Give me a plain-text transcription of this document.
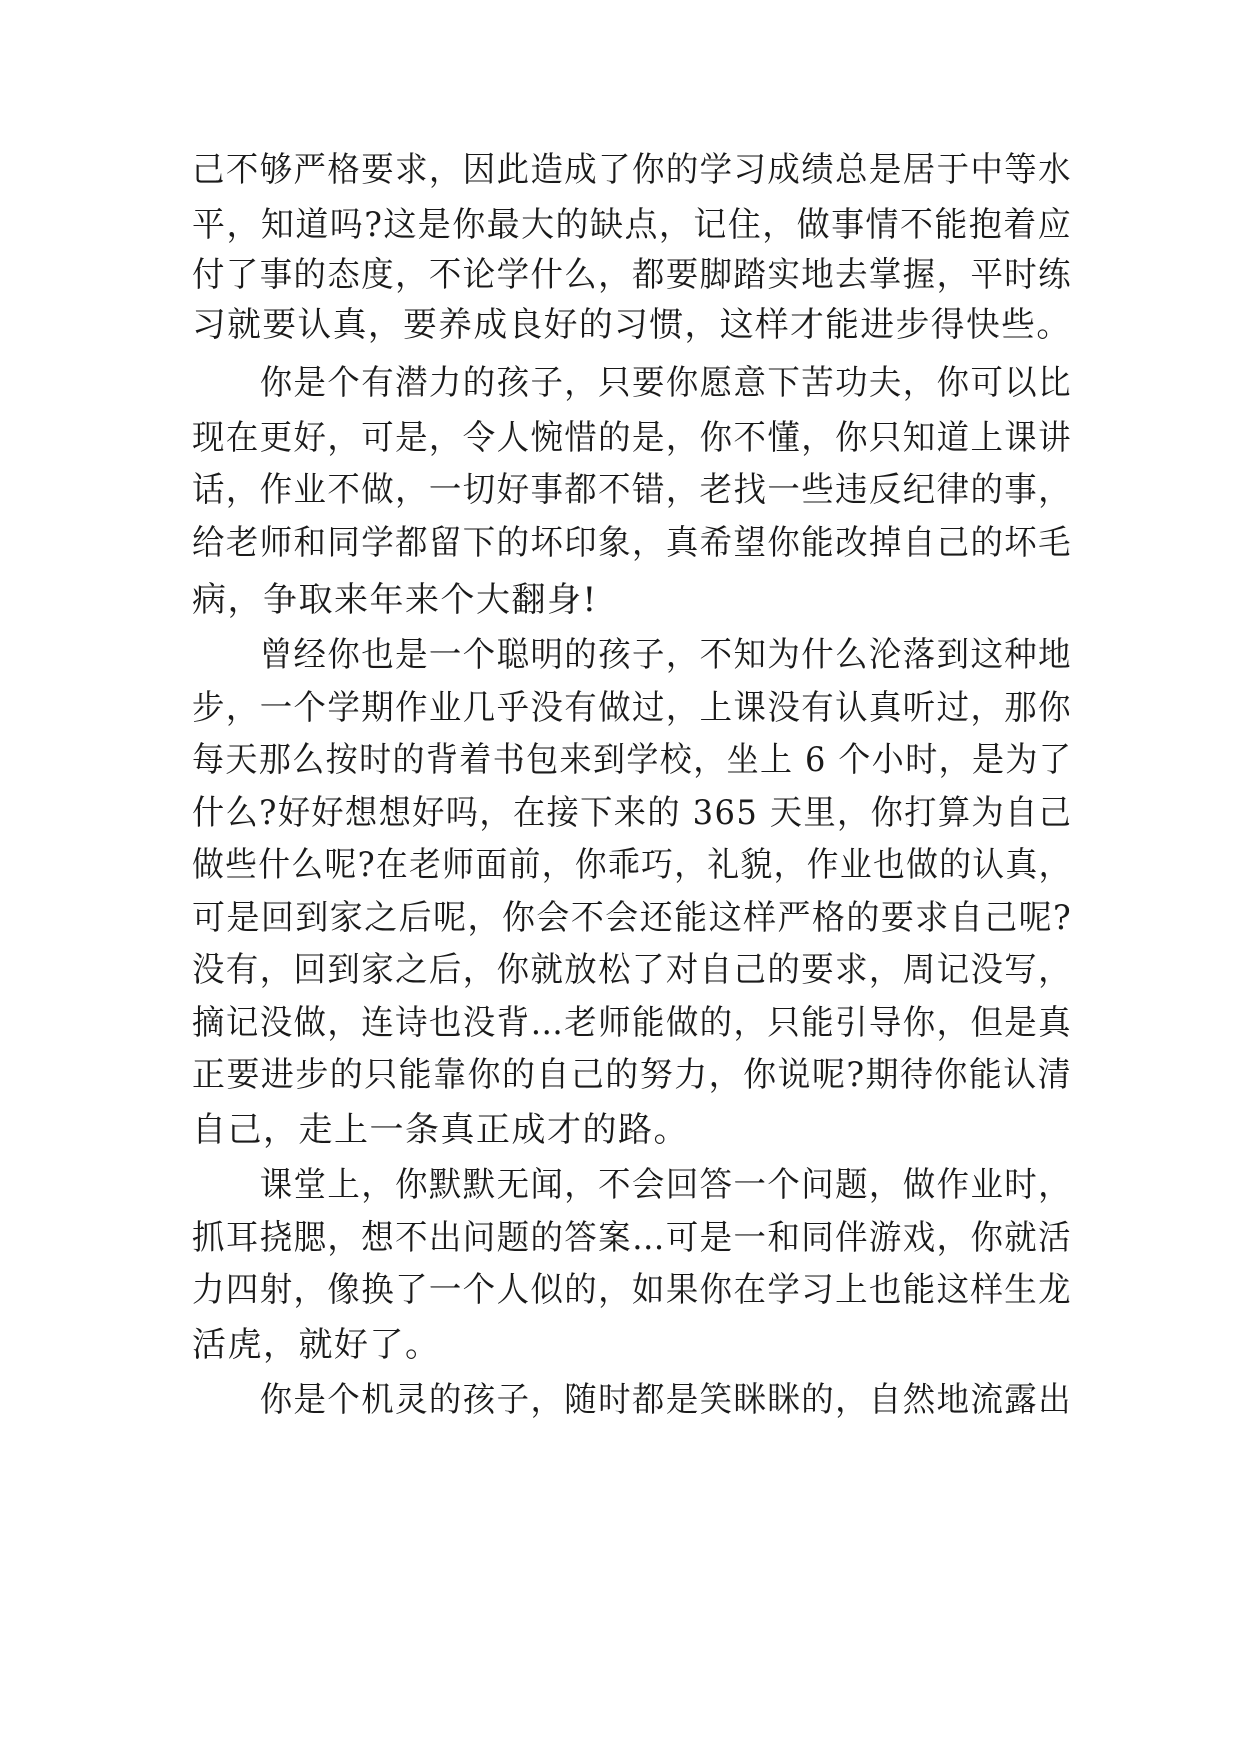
己不够严格要求，因此造成了你的学习成绩总是居于中等水
平，知道吗?这是你最大的缺点，记住，做事情不能抱着应
付了事的态度，不论学什么，都要脚踏实地去掌握，平时练
习就要认真，要养成良好的习惯，这样才能进步得快些。
　　你是个有潜力的孩子，只要你愿意下苦功夫，你可以比
现在更好，可是，令人惋惜的是，你不懂，你只知道上课讲
话，作业不做，一切好事都不错，老找一些违反纪律的事，
给老师和同学都留下的坏印象，真希望你能改掉自己的坏毛
病，争取来年来个大翻身!
　　曾经你也是一个聪明的孩子，不知为什么沦落到这种地
步，一个学期作业几乎没有做过，上课没有认真听过，那你
每天那么按时的背着书包来到学校，坐上 6 个小时，是为了
什么?好好想想好吗，在接下来的 365 天里，你打算为自己
做些什么呢?在老师面前，你乖巧，礼貌，作业也做的认真，
可是回到家之后呢，你会不会还能这样严格的要求自己呢?
没有，回到家之后，你就放松了对自己的要求，周记没写，
摘记没做，连诗也没背…老师能做的，只能引导你，但是真
正要进步的只能靠你的自己的努力，你说呢?期待你能认清
自己，走上一条真正成才的路。
　　课堂上，你默默无闻，不会回答一个问题，做作业时，
抓耳挠腮，想不出问题的答案…可是一和同伴游戏，你就活
力四射，像换了一个人似的，如果你在学习上也能这样生龙
活虎，就好了。
　　你是个机灵的孩子，随时都是笑眯眯的，自然地流露出
